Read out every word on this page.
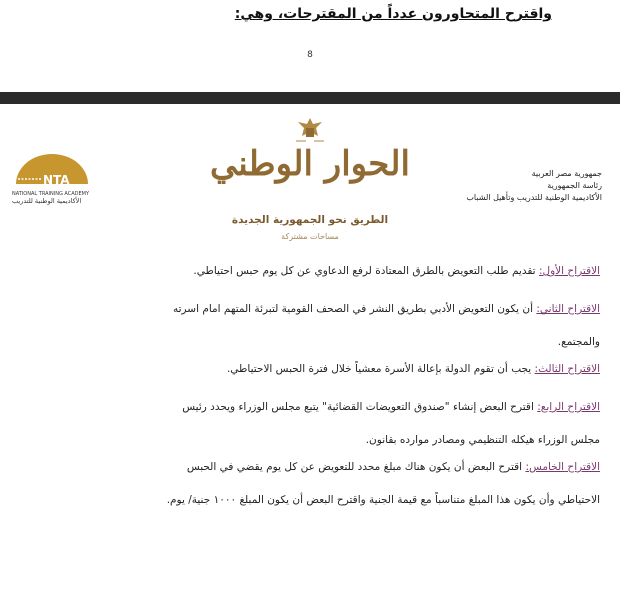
واقترح المتحاورون عدداً من المقترحات، وهي:
8
NTA
NATIONAL TRAINING ACADEMY
الأكاديمية الوطنية للتدريب
الحوار الوطني
الطريق نحو الجمهورية الجديدة
مساحات مشتركة
جمهورية مصر العربية
رئاسة الجمهورية
الأكاديمية الوطنية للتدريب وتأهيل الشباب

الاقتراح الأول: تقديم طلب التعويض بالطرق المعتادة لرفع الدعاوي عن كل يوم حبس احتياطي.

الاقتراح الثاني: أن يكون التعويض الأدبي بطريق النشر في الصحف القومية لتبرئة المتهم امام اسرته
والمجتمع.

الاقتراح الثالث: يجب أن تقوم الدولة بإعالة الأسرة معشياً خلال فترة الحبس الاحتياطي.

الاقتراح الرابع: اقترح البعض إنشاء "صندوق التعويضات القضائية" يتبع مجلس الوزراء ويحدد رئيس
مجلس الوزراء هيكله التنظيمي ومصادر موارده بقانون.

الاقتراح الخامس: اقترح البعض أن يكون هناك مبلغ محدد للتعويض عن كل يوم يقضي في الحبس
الاحتياطي وأن يكون هذا المبلغ متناسباً مع قيمة الجنية واقترح البعض أن يكون المبلغ ١٠٠٠ جنية/ يوم.
